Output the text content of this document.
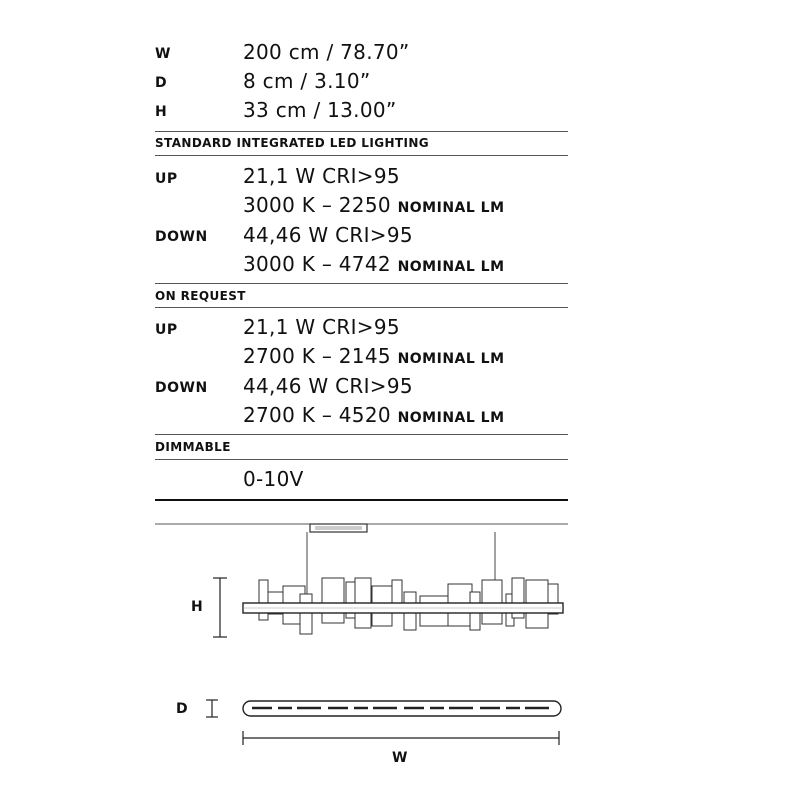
W	200 cm / 78.70”
D	8 cm / 3.10”
H	33 cm / 13.00”
STANDARD INTEGRATED LED LIGHTING
UP	21,1 W CRI>95
3000 K – 2250 NOMINAL LM
DOWN 44,46 W CRI>95
3000 K – 4742 NOMINAL LM
ON REQUEST
UP	21,1 W CRI>95
2700 K – 2145 NOMINAL LM
DOWN 44,46 W CRI>95
2700 K – 4520 NOMINAL LM
DIMMABLE
0-10V
H
D
W
